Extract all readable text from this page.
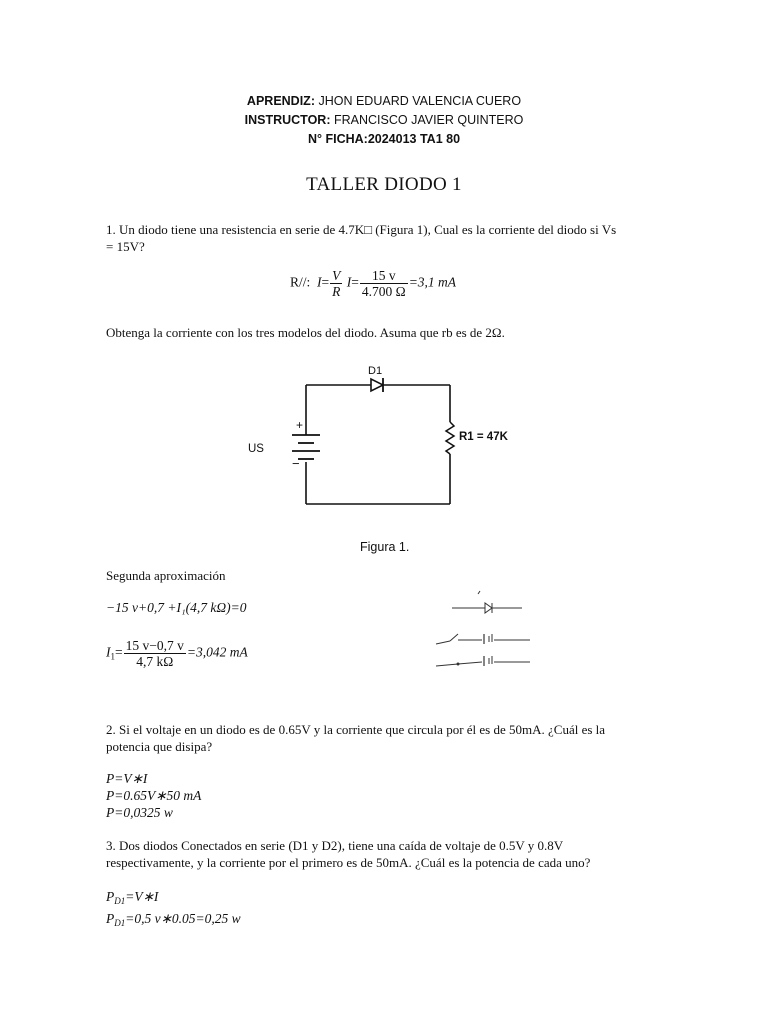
APRENDIZ: JHON EDUARD VALENCIA CUERO
INSTRUCTOR: FRANCISCO JAVIER QUINTERO
N° FICHA:2024013 TA1 80
TALLER DIODO 1
1. Un diodo tiene una resistencia en serie de 4.7K□ (Figura 1), Cual es la corriente del diodo si Vs
= 15V?
R//: $I= \frac{V}{R} I= \frac{15 v}{4.700 \Omega} =3,1$ mA
Obtenga la corriente con los tres modelos del diodo. Asuma que rb es de 2Ω.
+
−
D1
US
R1 = 47K
Figura 1.
Segunda aproximación
−15 v+0,7 +I₁(4,7 kΩ)=0
$I_1= \frac{15 v-0,7 v}{4,7 k\Omega} =3,042$ mA
2. Si el voltaje en un diodo es de 0.65V y la corriente que circula por él es de 50mA. ¿Cuál es la
potencia que disipa?
P=V∗I
P=0.65V∗50 mA
P=0,0325 w
3. Dos diodos Conectados en serie (D1 y D2), tiene una caída de voltaje de 0.5V y 0.8V
respectivamente, y la corriente por el primero es de 50mA. ¿Cuál es la potencia de cada uno?
$P_{D1}=V∗I$
$P_{D1}=0,5$ v∗0.05=0,25 w
